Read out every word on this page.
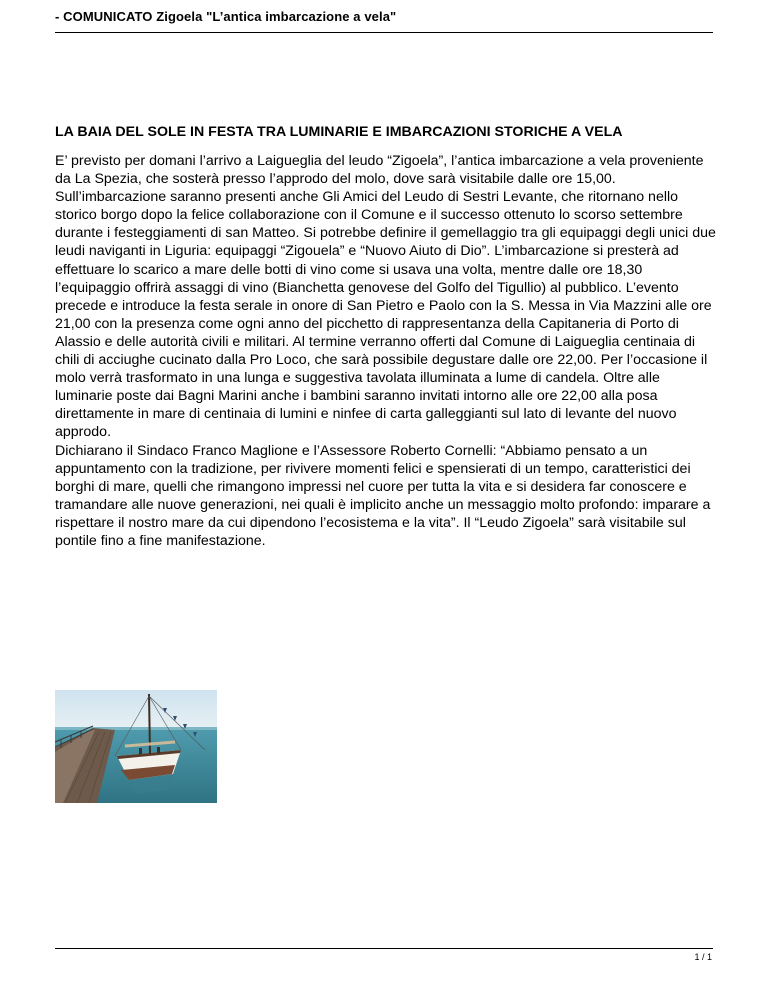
- COMUNICATO Zigoela "L’antica imbarcazione a vela"
LA BAIA DEL SOLE IN FESTA TRA LUMINARIE E IMBARCAZIONI STORICHE A VELA

E’ previsto per domani l’arrivo a Laigueglia del leudo “Zigoela”, l’antica imbarcazione a vela proveniente da La Spezia, che sosterà presso l’approdo del molo, dove sarà visitabile dalle ore 15,00. Sull’imbarcazione saranno presenti anche Gli Amici del Leudo di Sestri Levante, che ritornano nello storico borgo dopo la felice collaborazione con il Comune e il successo ottenuto lo scorso settembre durante i festeggiamenti di san Matteo. Si potrebbe definire il gemellaggio tra gli equipaggi degli unici due leudi naviganti in Liguria: equipaggi “Zigouela” e “Nuovo Aiuto di Dio”. L’imbarcazione si presterà ad effettuare lo scarico a mare delle botti di vino come si usava una volta, mentre dalle ore 18,30 l’equipaggio offrirà assaggi di vino (Bianchetta genovese del Golfo del Tigullio) al pubblico. L’evento precede e introduce la festa serale in onore di San Pietro e Paolo con la S. Messa in Via Mazzini alle ore 21,00 con la presenza come ogni anno del picchetto di rappresentanza della Capitaneria di Porto di Alassio e delle autorità civili e militari. Al termine verranno offerti dal Comune di Laigueglia centinaia di chili di acciughe cucinato dalla Pro Loco, che sarà possibile degustare dalle ore 22,00. Per l’occasione il molo verrà trasformato in una lunga e suggestiva tavolata illuminata a lume di candela. Oltre alle luminarie poste dai Bagni Marini anche i bambini saranno invitati intorno alle ore 22,00 alla posa direttamente in mare di centinaia di lumini e ninfee di carta galleggianti sul lato di levante del nuovo approdo.

Dichiarano il Sindaco Franco Maglione e l’Assessore Roberto Cornelli: “Abbiamo pensato a un appuntamento con la tradizione, per rivivere momenti felici e spensierati di un tempo, caratteristici dei borghi di mare, quelli che rimangono impressi nel cuore per tutta la vita e si desidera far conoscere e tramandare alle nuove generazioni, nei quali è implicito anche un messaggio molto profondo: imparare a rispettare il nostro mare da cui dipendono l’ecosistema e la vita”. Il “Leudo Zigoela” sarà visitabile sul pontile fino a fine manifestazione.

1 / 1
